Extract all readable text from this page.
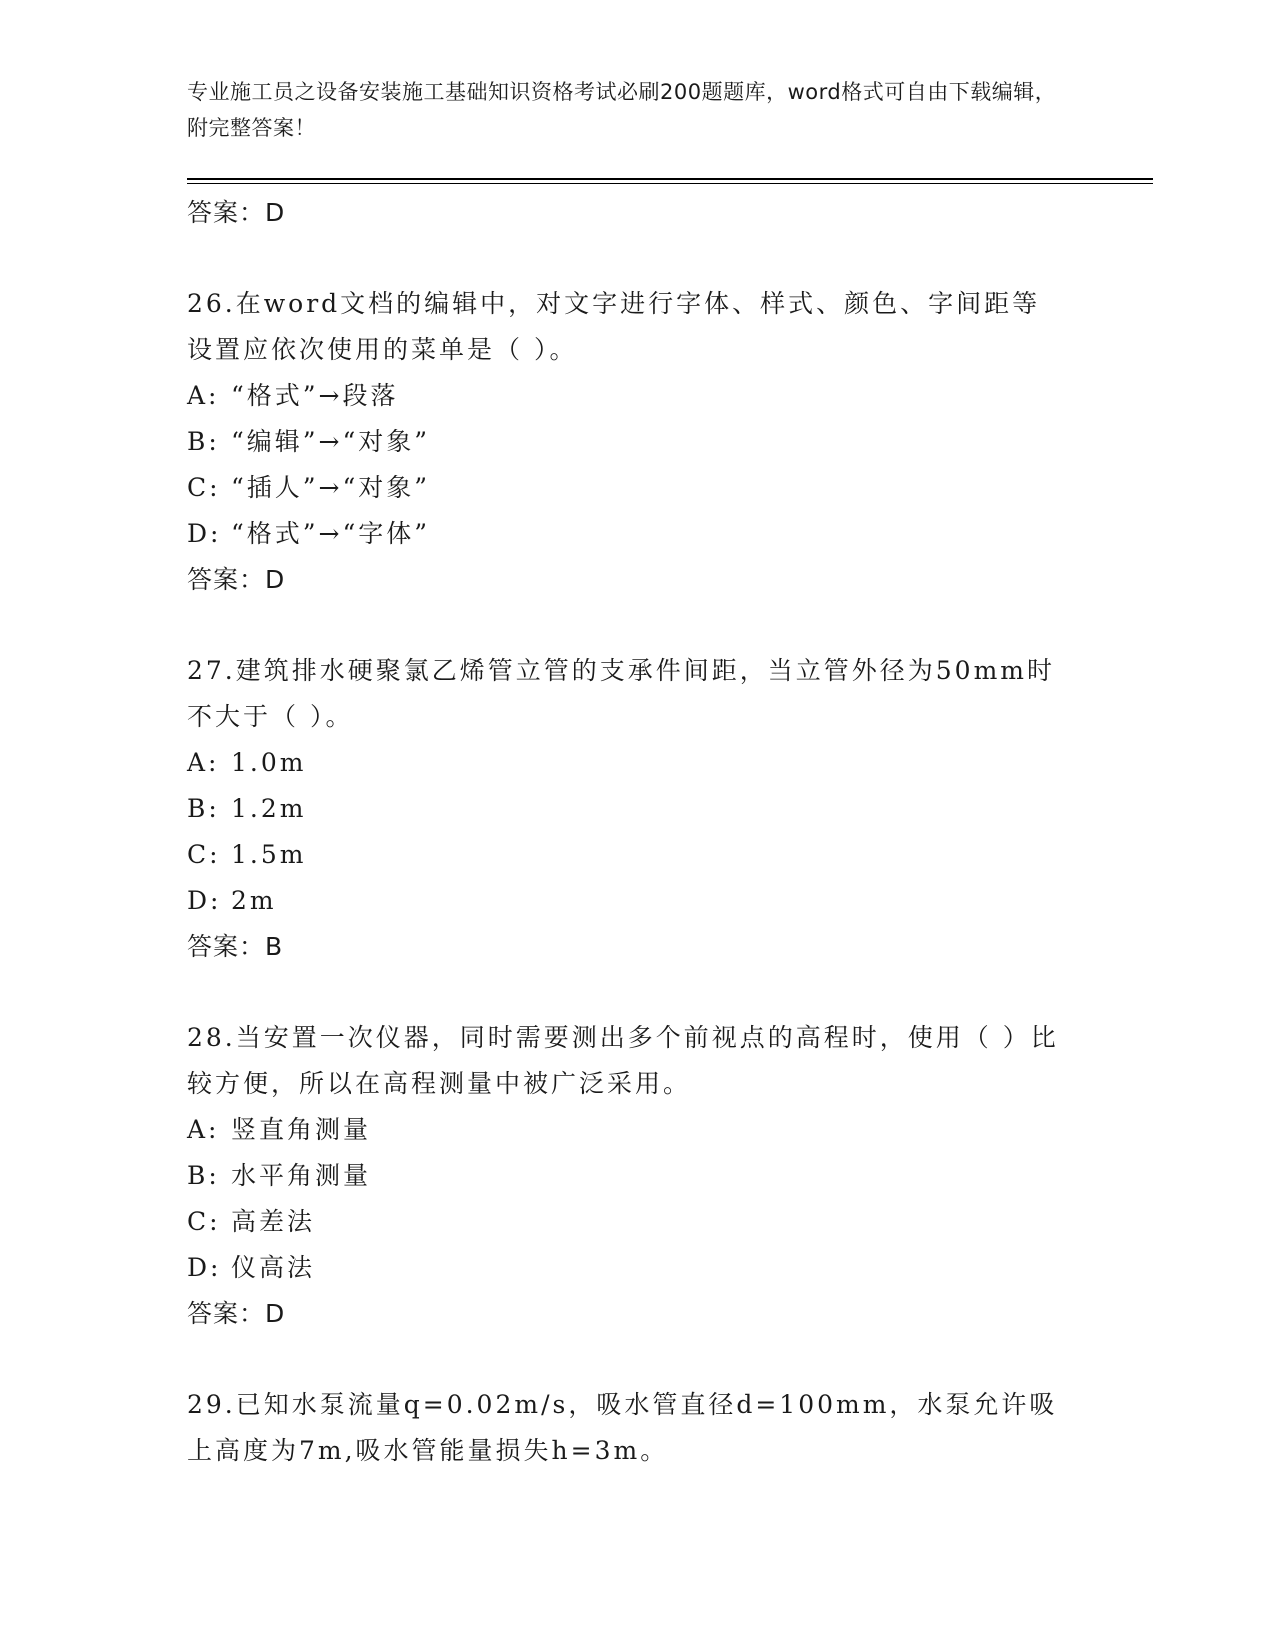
专业施工员之设备安装施工基础知识资格考试必刷200题题库，word格式可自由下载编辑，附完整答案！
答案：D
26.在word文档的编辑中，对文字进行字体、样式、颜色、字间距等设置应依次使用的菜单是（ ）。
A: “格式”→段落
B: “编辑”→“对象”
C: “插人”→“对象”
D: “格式”→“字体”
答案：D
27.建筑排水硬聚氯乙烯管立管的支承件间距，当立管外径为50mm时不大于（ ）。
A: 1.0m
B: 1.2m
C: 1.5m
D: 2m
答案：B
28.当安置一次仪器，同时需要测出多个前视点的高程时，使用（ ）比较方便，所以在高程测量中被广泛采用。
A: 竖直角测量
B: 水平角测量
C: 高差法
D: 仪高法
答案：D
29.已知水泵流量q=0.02m/s，吸水管直径d=100mm，水泵允许吸上高度为7m,吸水管能量损失h=3m。
